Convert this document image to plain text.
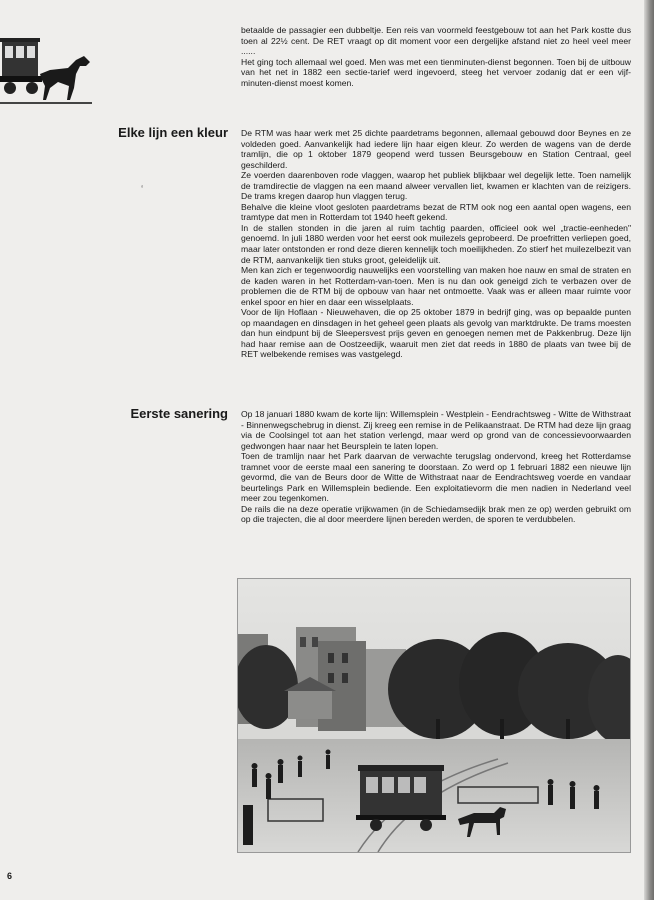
‘

betaalde de passagier een dubbeltje. Een reis van voormeld feestgebouw tot aan het Park kostte dus toen al 22½ cent. De RET vraagt op dit moment voor een dergelijke afstand niet zo heel veel meer ......

Het ging toch allemaal wel goed. Men was met een tienminuten-dienst begonnen. Toen bij de uitbouw van het net in 1882 een sectie-tarief werd ingevoerd, steeg het vervoer zodanig dat er een vijf-minuten-dienst moest komen.

Elke lijn een kleur De RTM was haar werk met 25 dichte paardetrams begonnen, allemaal gebouwd door Beynes en ze voldeden goed. Aanvankelijk had iedere lijn haar eigen kleur. Zo werden de wagens van de derde tramlijn, die op 1 oktober 1879 geopend werd tussen Beursgebouw en Station Centraal, geel geschilderd.

Ze voerden daarenboven rode vlaggen, waarop het publiek blijkbaar wel degelijk lette. Toen namelijk de tramdirectie de vlaggen na een maand alweer vervallen liet, kwamen er klachten van de reizigers. De trams kregen daarop hun vlaggen terug.

Behalve die kleine vloot gesloten paardetrams bezat de RTM ook nog een aantal open wagens, een tramtype dat men in Rotterdam tot 1940 heeft gekend.

In de stallen stonden in die jaren al ruim tachtig paarden, officieel ook wel „tractie-eenheden" genoemd. In juli 1880 werden voor het eerst ook muilezels geprobeerd. De proefritten verliepen goed, maar later ontstonden er rond deze dieren kennelijk toch moeilijkheden. Zo stierf het muilezelbezit van de RTM, aanvankelijk tien stuks groot, geleidelijk uit.

Men kan zich er tegenwoordig nauwelijks een voorstelling van maken hoe nauw en smal de straten en de kaden waren in het Rotterdam-van-toen. Men is nu dan ook geneigd zich te verbazen over de problemen die de RTM bij de opbouw van haar net ontmoette. Vaak was er alleen maar ruimte voor enkel spoor en hier en daar een wisselplaats.

Voor de lijn Hoflaan - Nieuwehaven, die op 25 oktober 1879 in bedrijf ging, was op bepaalde punten op maandagen en dinsdagen in het geheel geen plaats als gevolg van marktdrukte. De trams moesten dan hun eindpunt bij de Sleepersvest prijs geven en genoegen nemen met de Pakkenbrug. Deze lijn had haar remise aan de Oostzeedijk, waaruit men ziet dat reeds in 1880 de plaats van twee bij de RET welbekende remises was vastgelegd.

Eerste sanering Op 18 januari 1880 kwam de korte lijn: Willemsplein - Westplein - Eendrachtsweg - Witte de Withstraat - Binnenwegschebrug in dienst. Zij kreeg een remise in de Pelikaanstraat. De RTM had deze lijn graag via de Coolsingel tot aan het station verlengd, maar werd op grond van de concessievoorwaarden gedwongen haar naar het Beursplein te laten lopen.

Toen de tramlijn naar het Park daarvan de verwachte terugslag ondervond, kreeg het Rotterdamse tramnet voor de eerste maal een sanering te doorstaan. Zo werd op 1 februari 1882 een nieuwe lijn gevormd, die van de Beurs door de Witte de Withstraat naar de Eendrachtsweg voerde en vandaar beurtelings Park en Willemsplein bediende. Een exploitatievorm die men nadien in Nederland veel meer zou tegenkomen.

De rails die na deze operatie vrijkwamen (in de Schiedamsedijk brak men ze op) werden gebruikt om op die trajecten, die al door meerdere lijnen bereden werden, de sporen te verdubbelen.

6
